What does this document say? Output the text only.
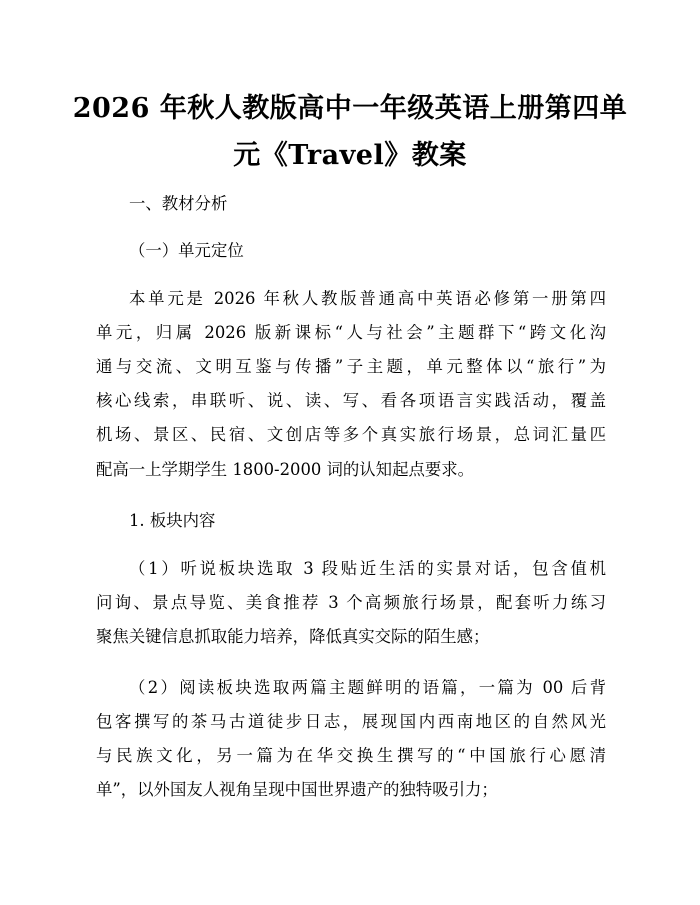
2026 年秋人教版高中一年级英语上册第四单
元《Travel》教案
一、教材分析
（一）单元定位
本单元是 2026 年秋人教版普通高中英语必修第一册第四
单元，归属 2026 版新课标“人与社会”主题群下“跨文化沟
通与交流、文明互鉴与传播”子主题，单元整体以“旅行”为
核心线索，串联听、说、读、写、看各项语言实践活动，覆盖
机场、景区、民宿、文创店等多个真实旅行场景，总词汇量匹
配高一上学期学生 1800-2000 词的认知起点要求。
1. 板块内容
（1）听说板块选取 3 段贴近生活的实景对话，包含值机
问询、景点导览、美食推荐 3 个高频旅行场景，配套听力练习
聚焦关键信息抓取能力培养，降低真实交际的陌生感；
（2）阅读板块选取两篇主题鲜明的语篇，一篇为 00 后背
包客撰写的茶马古道徒步日志，展现国内西南地区的自然风光
与民族文化，另一篇为在华交换生撰写的“中国旅行心愿清
单”，以外国友人视角呈现中国世界遗产的独特吸引力；
